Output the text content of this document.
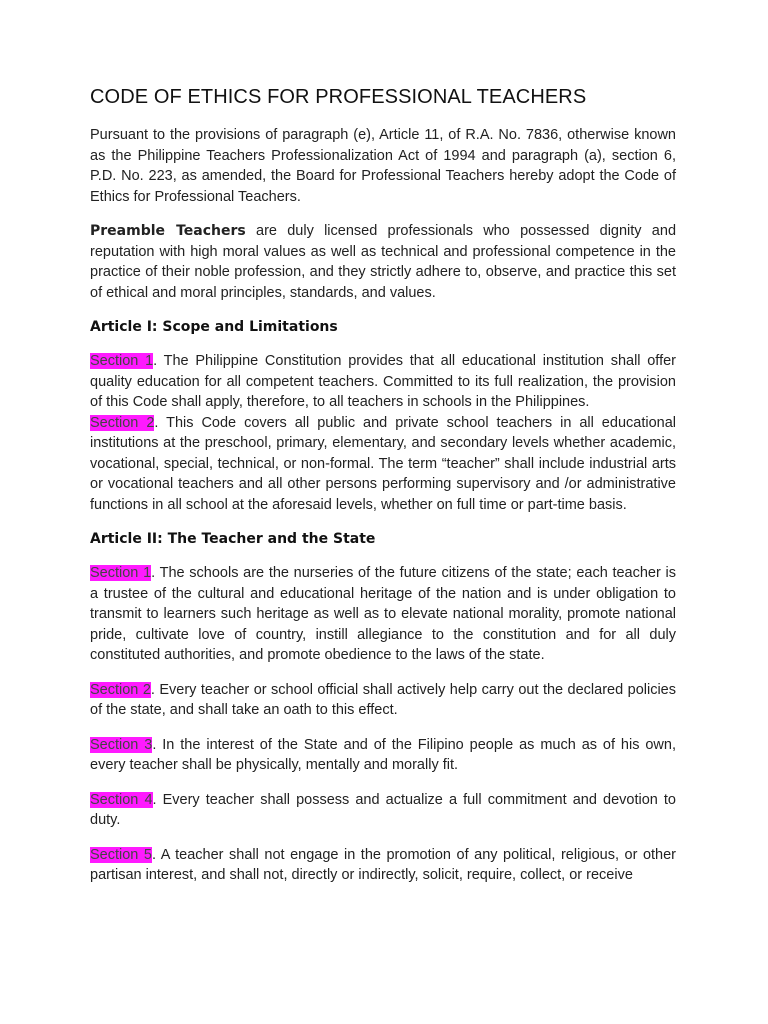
CODE OF ETHICS FOR PROFESSIONAL TEACHERS

Pursuant to the provisions of paragraph (e), Article 11, of R.A. No. 7836, otherwise known as the Philippine Teachers Professionalization Act of 1994 and paragraph (a), section 6, P.D. No. 223, as amended, the Board for Professional Teachers hereby adopt the Code of Ethics for Professional Teachers.

Preamble Teachers are duly licensed professionals who possessed dignity and reputation with high moral values as well as technical and professional competence in the practice of their noble profession, and they strictly adhere to, observe, and practice this set of ethical and moral principles, standards, and values.

Article I: Scope and Limitations

Section 1. The Philippine Constitution provides that all educational institution shall offer quality education for all competent teachers. Committed to its full realization, the provision of this Code shall apply, therefore, to all teachers in schools in the Philippines.

Section 2. This Code covers all public and private school teachers in all educational institutions at the preschool, primary, elementary, and secondary levels whether academic, vocational, special, technical, or non-formal. The term “teacher” shall include industrial arts or vocational teachers and all other persons performing supervisory and /or administrative functions in all school at the aforesaid levels, whether on full time or part-time basis.

Article II: The Teacher and the State

Section 1. The schools are the nurseries of the future citizens of the state; each teacher is a trustee of the cultural and educational heritage of the nation and is under obligation to transmit to learners such heritage as well as to elevate national morality, promote national pride, cultivate love of country, instill allegiance to the constitution and for all duly constituted authorities, and promote obedience to the laws of the state.

Section 2. Every teacher or school official shall actively help carry out the declared policies of the state, and shall take an oath to this effect.

Section 3. In the interest of the State and of the Filipino people as much as of his own, every teacher shall be physically, mentally and morally fit.

Section 4. Every teacher shall possess and actualize a full commitment and devotion to duty.

Section 5. A teacher shall not engage in the promotion of any political, religious, or other partisan interest, and shall not, directly or indirectly, solicit, require, collect, or receive
